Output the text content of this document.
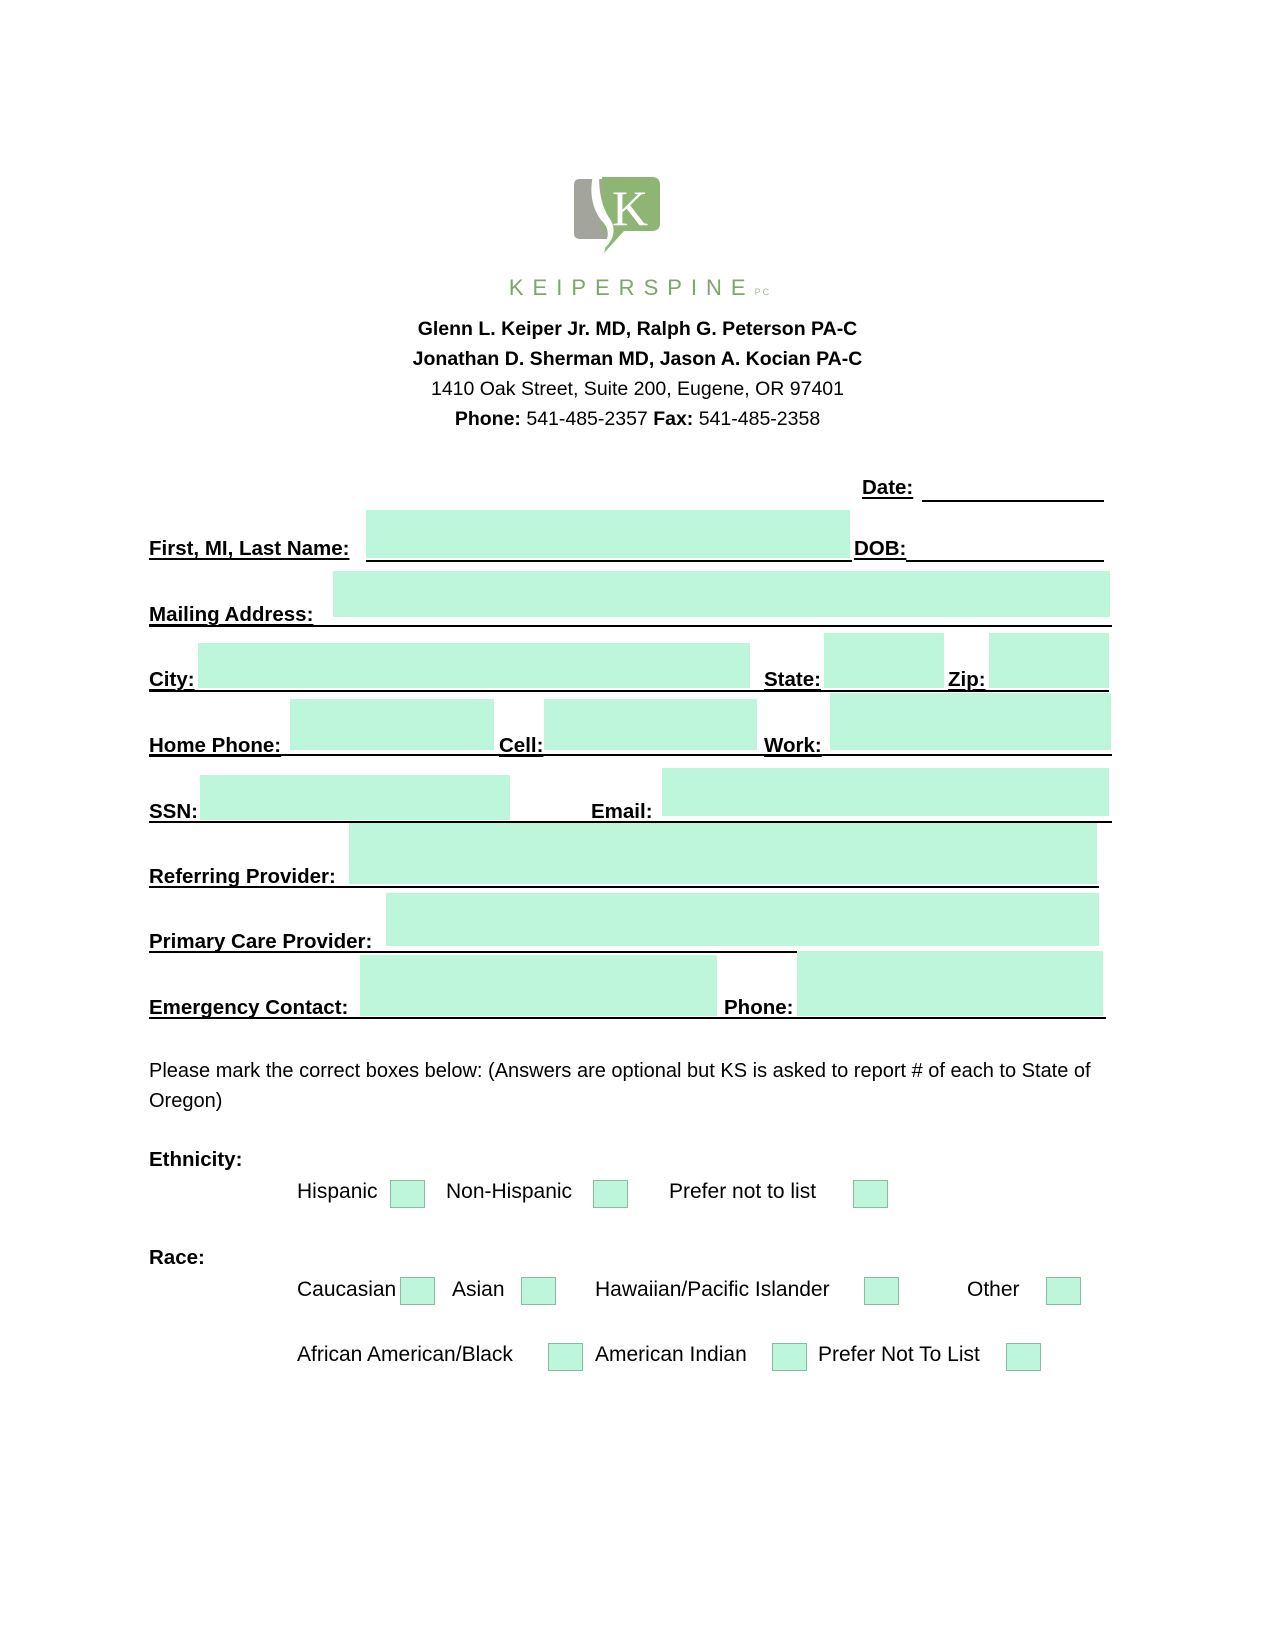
K
KEIPERSPINEPC
Glenn L. Keiper Jr. MD, Ralph G. Peterson PA-C
Jonathan D. Sherman MD, Jason A. Kocian PA-C
1410 Oak Street, Suite 200, Eugene, OR 97401
Phone: 541-485-2357 Fax: 541-485-2358
Date:
First, MI, Last Name:	DOB:
Mailing Address:
City:	State:	Zip:
Home Phone:	Cell:	Work:
SSN:	Email:
Referring Provider:
Primary Care Provider:
Emergency Contact:	Phone:
Please mark the correct boxes below: (Answers are optional but KS is asked to report # of each to State of Oregon)
Ethnicity:
Hispanic	Non-Hispanic	Prefer not to list
Race:
Caucasian	Asian	Hawaiian/Pacific Islander	Other
African American/Black	American Indian	Prefer Not To List
